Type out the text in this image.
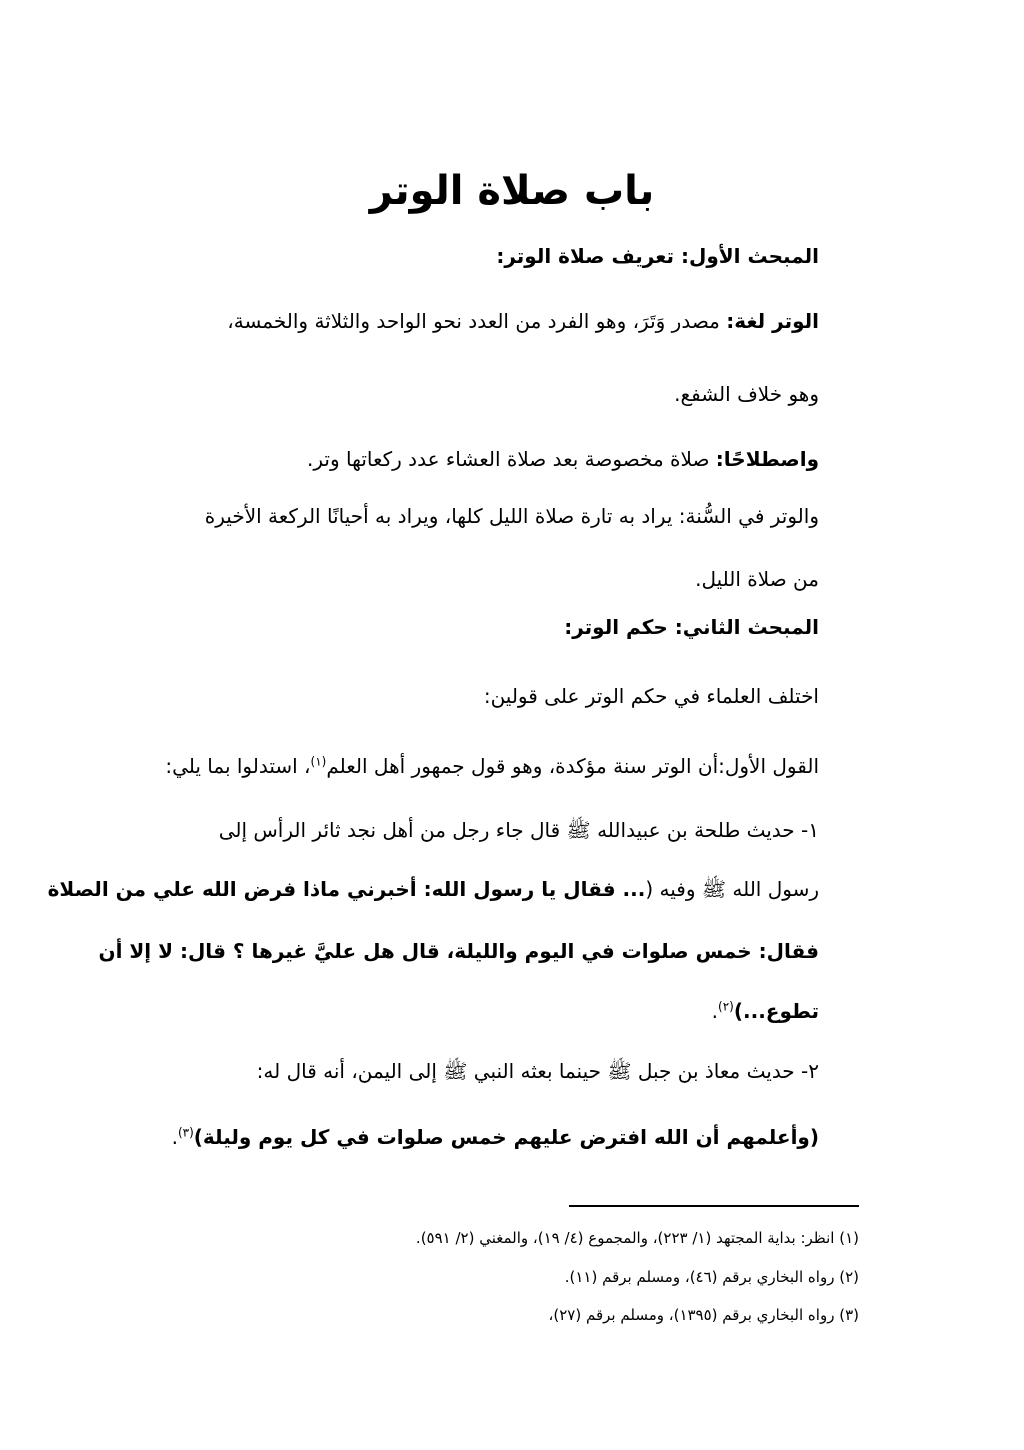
باب صلاة الوتر
المبحث الأول: تعريف صلاة الوتر:
الوتر لغة: مصدر وَتَرَ، وهو الفرد من العدد نحو الواحد والثلاثة والخمسة،
وهو خلاف الشفع.
واصطلاحًا: صلاة مخصوصة بعد صلاة العشاء عدد ركعاتها وتر.
والوتر في السُّنة: يراد به تارة صلاة الليل كلها، ويراد به أحيانًا الركعة الأخيرة
من صلاة الليل.
المبحث الثاني: حكم الوتر:
اختلف العلماء في حكم الوتر على قولين:
القول الأول:أن الوتر سنة مؤكدة، وهو قول جمهور أهل العلم$^{(١)}$، استدلوا بما يلي:
١- حديث طلحة بن عبيدالله ﷺ قال جاء رجل من أهل نجد ثائر الرأس إلى
رسول الله ﷺ وفيه (... فقال يا رسول الله: أخبرني ماذا فرض الله علي من الصلاة
فقال: خمس صلوات في اليوم والليلة، قال هل عليَّ غيرها ؟ قال: لا إلا أن
تطوع...)$^{(٢)}$.
٢- حديث معاذ بن جبل ﷺ حينما بعثه النبي ﷺ إلى اليمن، أنه قال له:
(وأعلمهم أن الله افترض عليهم خمس صلوات في كل يوم وليلة)$^{(٣)}$.
(١) انظر: بداية المجتهد (١/ ٢٢٣)، والمجموع (٤/ ١٩)، والمغني (٢/ ٥٩١).
(٢) رواه البخاري برقم (٤٦)، ومسلم برقم (١١).
(٣) رواه البخاري برقم (١٣٩٥)، ومسلم برقم (٢٧)،
